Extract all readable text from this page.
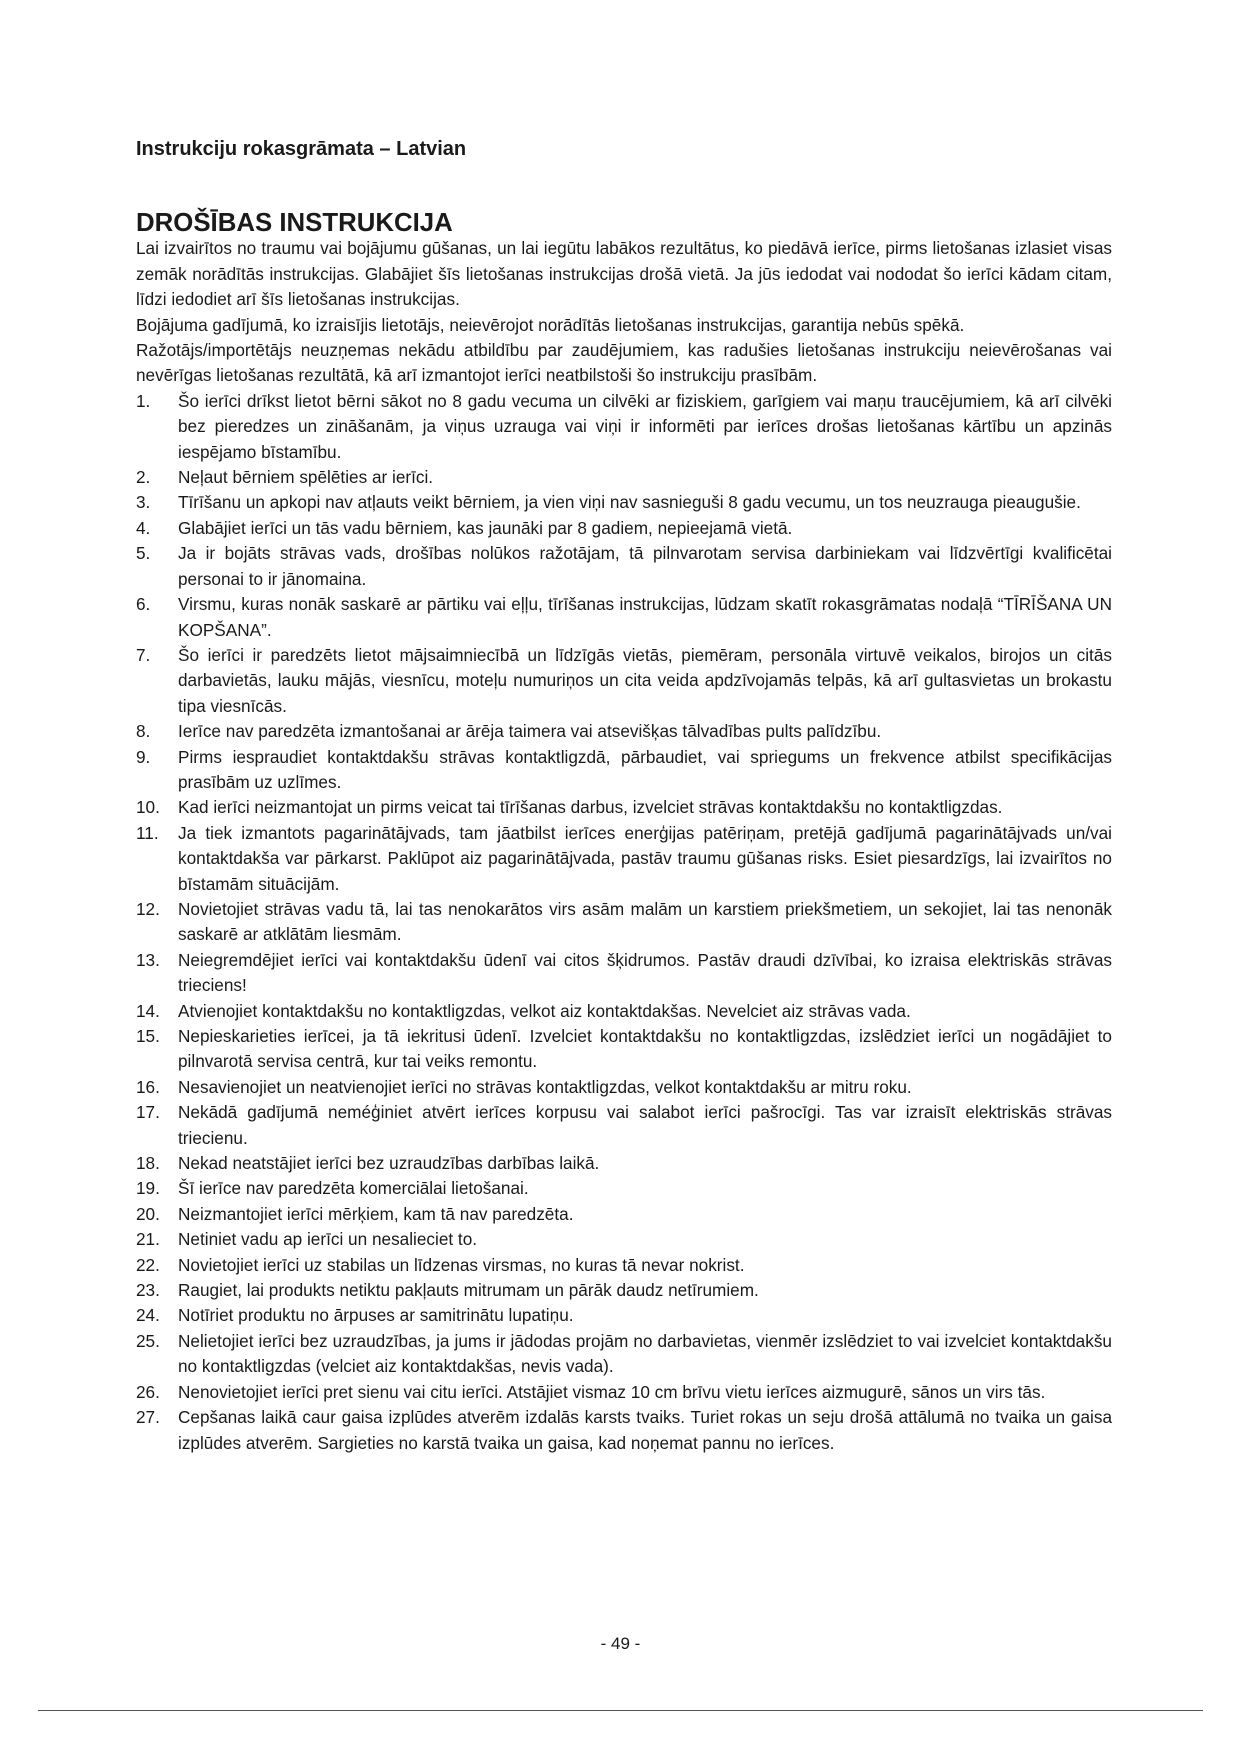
Instrukciju rokasgrāmata – Latvian
DROŠĪBAS INSTRUKCIJA

Lai izvairītos no traumu vai bojājumu gūšanas, un lai iegūtu labākos rezultātus, ko piedāvā ierīce, pirms lietošanas izlasiet visas zemāk norādītās instrukcijas. Glabājiet šīs lietošanas instrukcijas drošā vietā. Ja jūs iedodat vai nododat šo ierīci kādam citam, līdzi iedodiet arī šīs lietošanas instrukcijas.

Bojājuma gadījumā, ko izraisījis lietotājs, neievērojot norādītās lietošanas instrukcijas, garantija nebūs spēkā.

Ražotājs/importētājs neuzņemas nekādu atbildību par zaudējumiem, kas radušies lietošanas instrukciju neievērošanas vai nevērīgas lietošanas rezultātā, kā arī izmantojot ierīci neatbilstoši šo instrukciju prasībām.

1. Šo ierīci drīkst lietot bērni sākot no 8 gadu vecuma un cilvēki ar fiziskiem, garīgiem vai maņu traucējumiem, kā arī cilvēki bez pieredzes un zināšanām, ja viņus uzrauga vai viņi ir informēti par ierīces drošas lietošanas kārtību un apzinās iespējamo bīstamību.
2. Neļaut bērniem spēlēties ar ierīci.
3. Tīrīšanu un apkopi nav atļauts veikt bērniem, ja vien viņi nav sasnieguši 8 gadu vecumu, un tos neuzrauga pieaugušie.
4. Glabājiet ierīci un tās vadu bērniem, kas jaunāki par 8 gadiem, nepieejamā vietā.
5. Ja ir bojāts strāvas vads, drošības nolūkos ražotājam, tā pilnvarotam servisa darbiniekam vai līdzvērtīgi kvalificētai personai to ir jānomaina.
6. Virsmu, kuras nonāk saskarē ar pārtiku vai eļļu, tīrīšanas instrukcijas, lūdzam skatīt rokasgrāmatas nodaļā “TĪRĪŠANA UN KOPŠANA”.
7. Šo ierīci ir paredzēts lietot mājsaimniecībā un līdzīgās vietās, piemēram, personāla virtuvē veikalos, birojos un citās darbavietās, lauku mājās, viesnīcu, moteļu numuriņos un cita veida apdzīvojamās telpās, kā arī gultasvietas un brokastu tipa viesnīcās.
8. Ierīce nav paredzēta izmantošanai ar ārēja taimera vai atsevišķas tālvadības pults palīdzību.
9. Pirms iespraudiet kontaktdakšu strāvas kontaktligzdā, pārbaudiet, vai spriegums un frekvence atbilst specifikācijas prasībām uz uzlīmes.
10. Kad ierīci neizmantojat un pirms veicat tai tīrīšanas darbus, izvelciet strāvas kontaktdakšu no kontaktligzdas.
11. Ja tiek izmantots pagarinātājvads, tam jāatbilst ierīces enerģijas patēriņam, pretējā gadījumā pagarinātājvads un/vai kontaktdakša var pārkarst. Paklūpot aiz pagarinātājvada, pastāv traumu gūšanas risks. Esiet piesardzīgs, lai izvairītos no bīstamām situācijām.
12. Novietojiet strāvas vadu tā, lai tas nenokarātos virs asām malām un karstiem priekšmetiem, un sekojiet, lai tas nenonāk saskarē ar atklātām liesmām.
13. Neiegremdējiet ierīci vai kontaktdakšu ūdenī vai citos šķidrumos. Pastāv draudi dzīvībai, ko izraisa elektriskās strāvas trieciens!
14. Atvienojiet kontaktdakšu no kontaktligzdas, velkot aiz kontaktdakšas. Nevelciet aiz strāvas vada.
15. Nepieskarieties ierīcei, ja tā iekritusi ūdenī. Izvelciet kontaktdakšu no kontaktligzdas, izslēdziet ierīci un nogādājiet to pilnvarotā servisa centrā, kur tai veiks remontu.
16. Nesavienojiet un neatvienojiet ierīci no strāvas kontaktligzdas, velkot kontaktdakšu ar mitru roku.
17. Nekādā gadījumā neméģiniet atvērt ierīces korpusu vai salabot ierīci pašrocīgi. Tas var izraisīt elektriskās strāvas triecienu.
18. Nekad neatstājiet ierīci bez uzraudzības darbības laikā.
19. Šī ierīce nav paredzēta komerciālai lietošanai.
20. Neizmantojiet ierīci mērķiem, kam tā nav paredzēta.
21. Netiniet vadu ap ierīci un nesalieciet to.
22. Novietojiet ierīci uz stabilas un līdzenas virsmas, no kuras tā nevar nokrist.
23. Raugiet, lai produkts netiktu pakļauts mitrumam un pārāk daudz netīrumiem.
24. Notīriet produktu no ārpuses ar samitrinātu lupatiņu.
25. Nelietojiet ierīci bez uzraudzības, ja jums ir jādodas projām no darbavietas, vienmēr izslēdziet to vai izvelciet kontaktdakšu no kontaktligzdas (velciet aiz kontaktdakšas, nevis vada).
26. Nenovietojiet ierīci pret sienu vai citu ierīci. Atstājiet vismaz 10 cm brīvu vietu ierīces aizmugurē, sānos un virs tās.
27. Cepšanas laikā caur gaisa izplūdes atverēm izdalās karsts tvaiks. Turiet rokas un seju drošā attālumā no tvaika un gaisa izplūdes atverēm. Sargieties no karstā tvaika un gaisa, kad noņemat pannu no ierīces.
- 49 -
